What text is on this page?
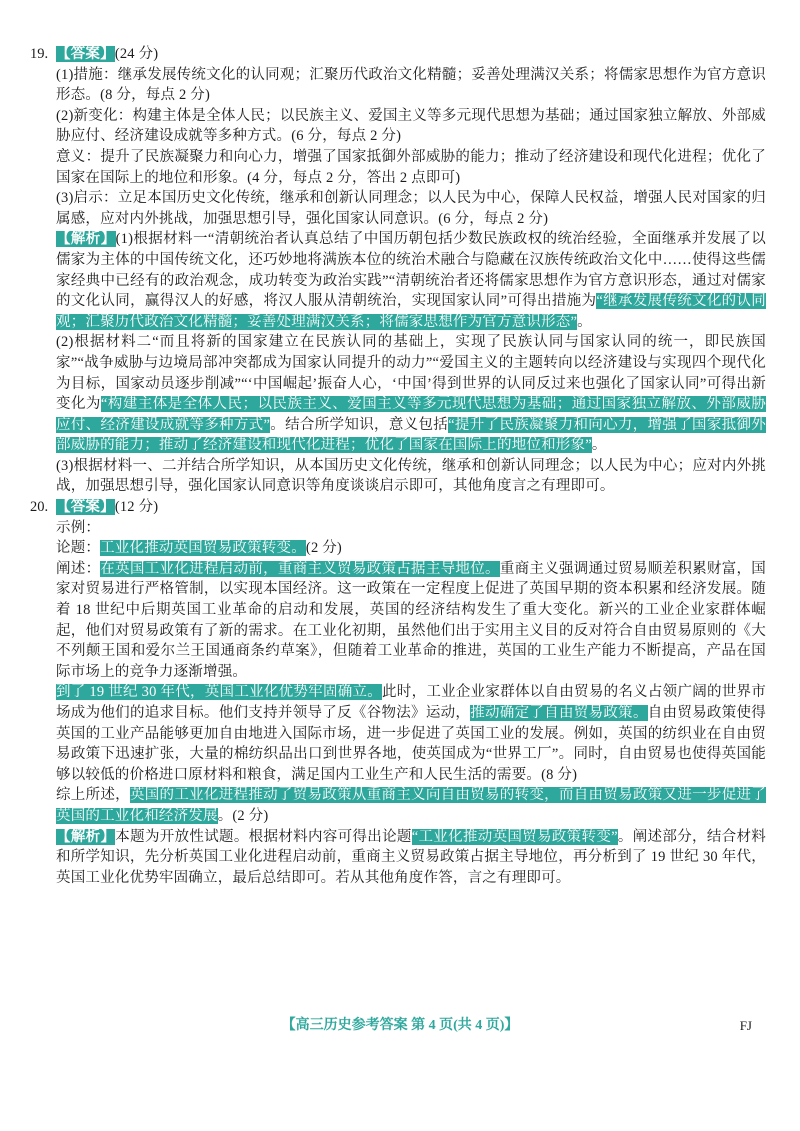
19. 【答案】(24 分)

(1)措施：继承发展传统文化的认同观；汇聚历代政治文化精髓；妥善处理满汉关系；将儒家思想作为官方意识形态。(8 分，每点 2 分)

(2)新变化：构建主体是全体人民；以民族主义、爱国主义等多元现代思想为基础；通过国家独立解放、外部威胁应付、经济建设成就等多种方式。(6 分，每点 2 分)

意义：提升了民族凝聚力和向心力，增强了国家抵御外部威胁的能力；推动了经济建设和现代化进程；优化了国家在国际上的地位和形象。(4 分，每点 2 分，答出 2 点即可)

(3)启示：立足本国历史文化传统，继承和创新认同理念；以人民为中心，保障人民权益，增强人民对国家的归属感，应对内外挑战，加强思想引导，强化国家认同意识。(6 分，每点 2 分)

【解析】(1)根据材料一“清朝统治者认真总结了中国历朝包括少数民族政权的统治经验，全面继承并发展了以儒家为主体的中国传统文化，还巧妙地将满族本位的统治术融合与隐藏在汉族传统政治文化中……使得这些儒家经典中已经有的政治观念，成功转变为政治实践”“清朝统治者还将儒家思想作为官方意识形态，通过对儒家的文化认同，赢得汉人的好感，将汉人服从清朝统治，实现国家认同”可得出措施为“继承发展传统文化的认同观；汇聚历代政治文化精髓；妥善处理满汉关系；将儒家思想作为官方意识形态”。

(2)根据材料二“而且将新的国家建立在民族认同的基础上，实现了民族认同与国家认同的统一，即民族国家”“战争威胁与边境局部冲突都成为国家认同提升的动力”“爱国主义的主题转向以经济建设与实现四个现代化为目标，国家动员逐步削减”“‘中国崛起’振奋人心，‘中国’得到世界的认同反过来也强化了国家认同”可得出新变化为“构建主体是全体人民；以民族主义、爱国主义等多元现代思想为基础；通过国家独立解放、外部威胁应付、经济建设成就等多种方式”。结合所学知识，意义包括“提升了民族凝聚力和向心力，增强了国家抵御外部威胁的能力；推动了经济建设和现代化进程；优化了国家在国际上的地位和形象”。

(3)根据材料一、二并结合所学知识，从本国历史文化传统，继承和创新认同理念；以人民为中心；应对内外挑战，加强思想引导，强化国家认同意识等角度谈谈启示即可，其他角度言之有理即可。

20. 【答案】(12 分)

示例：

论题：工业化推动英国贸易政策转变。(2 分)

阐述：在英国工业化进程启动前，重商主义贸易政策占据主导地位。重商主义强调通过贸易顺差积累财富，国家对贸易进行严格管制，以实现本国经济。这一政策在一定程度上促进了英国早期的资本积累和经济发展。随着 18 世纪中后期英国工业革命的启动和发展，英国的经济结构发生了重大变化。新兴的工业企业家群体崛起，他们对贸易政策有了新的需求。在工业化初期，虽然他们出于实用主义目的反对符合自由贸易原则的《大不列颠王国和爱尔兰王国通商条约草案》，但随着工业革命的推进，英国的工业生产能力不断提高，产品在国际市场上的竞争力逐渐增强。

到了 19 世纪 30 年代，英国工业化优势牢固确立。此时，工业企业家群体以自由贸易的名义占领广阔的世界市场成为他们的追求目标。他们支持并领导了反《谷物法》运动，推动确定了自由贸易政策。自由贸易政策使得英国的工业产品能够更加自由地进入国际市场，进一步促进了英国工业的发展。例如，英国的纺织业在自由贸易政策下迅速扩张，大量的棉纺织品出口到世界各地，使英国成为“世界工厂”。同时，自由贸易也使得英国能够以较低的价格进口原材料和粮食，满足国内工业生产和人民生活的需要。(8 分)

综上所述，英国的工业化进程推动了贸易政策从重商主义向自由贸易的转变，而自由贸易政策又进一步促进了英国的工业化和经济发展。(2 分)

【解析】本题为开放性试题。根据材料内容可得出论题“工业化推动英国贸易政策转变”。阐述部分，结合材料和所学知识，先分析英国工业化进程启动前，重商主义贸易政策占据主导地位，再分析到了 19 世纪 30 年代，英国工业化优势牢固确立，最后总结即可。若从其他角度作答，言之有理即可。

【高三历史参考答案 第 4 页(共 4 页)】	FJ
